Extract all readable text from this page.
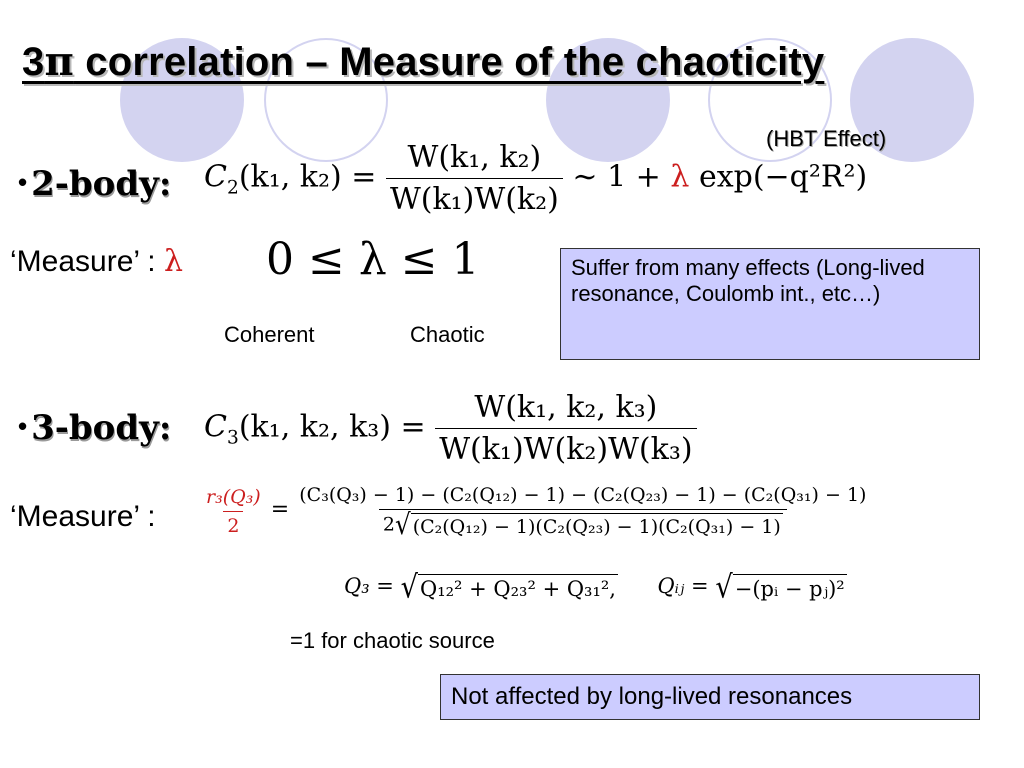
3π correlation – Measure of the chaoticity
(HBT Effect)
• 2-body: $C_2(k_1$, $k_2) = \frac{\text{W(k₁, k₂)}}{\text{W(k₁)W(k₂)}}$ ∼ 1 + λ exp(−q²R²)
‘Measure’ : λ 0 ≤ λ ≤ 1
Coherent	Chaotic
Suffer from many effects (Long-lived resonance, Coulomb int., etc…)
• 3-body: $C_3(k_1$, k₂, $k_3) = \frac{\text{W(k₁, k₂, k₃)}}{\text{W(k₁)W(k₂)W(k₃)}}$
‘Measure’ : $\frac{\text{r₃(Q₃)}}{2} = \frac{\text{(C₃(Q₃) − 1) − (C₂(Q₁₂) − 1) − (C₂(Q₂₃) − 1) − (C₂(Q₃₁) − 1)}}{\text{2 √ (C₂(Q₁₂) − 1)(C₂(Q₂₃) − 1)(C₂(Q₃₁) − 1)}}$
Q₃ = √ Q₁₂² + Q₂₃² + Q₃₁², Qᵢⱼ = √ −(pᵢ − pⱼ)²
=1 for chaotic source
Not affected by long-lived resonances
